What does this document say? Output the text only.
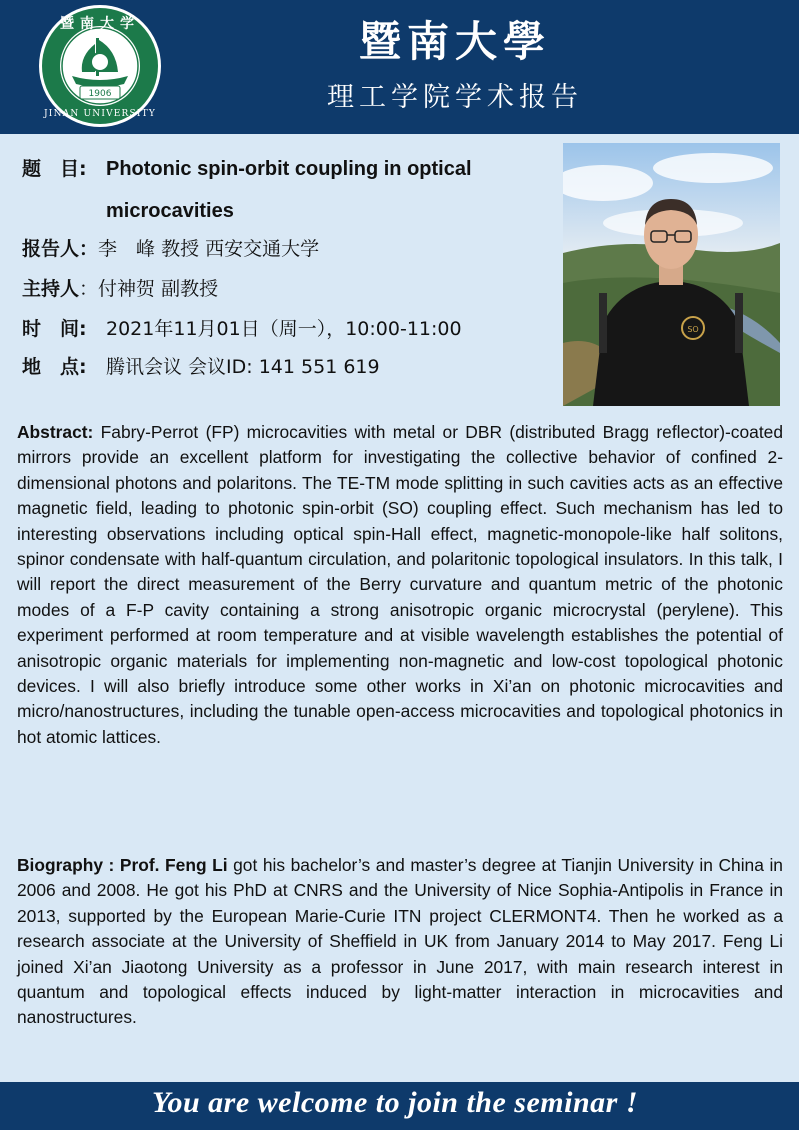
暨南大学
JINAN UNIVERSITY
1906
暨南大學
理工学院学术报告
题　目: Photonic spin-orbit coupling in optical
microcavities
报告人：李　峰 教授 西安交通大学
主持人：付神贺 副教授
时　间: 2021年11月01日（周一），10:00-11:00
地　点: 腾讯会议 会议ID: 141 551 619
SO

Abstract: Fabry-Perrot (FP) microcavities with metal or DBR (distributed Bragg reflector)-coated mirrors provide an excellent platform for investigating the collective behavior of confined 2-dimensional photons and polaritons. The TE-TM mode splitting in such cavities acts as an effective magnetic field, leading to photonic spin-orbit (SO) coupling effect. Such mechanism has led to interesting observations including optical spin-Hall effect, magnetic-monopole-like half solitons, spinor condensate with half-quantum circulation, and polaritonic topological insulators. In this talk, I will report the direct measurement of the Berry curvature and quantum metric of the photonic modes of a F-P cavity containing a strong anisotropic organic microcrystal (perylene). This experiment performed at room temperature and at visible wavelength establishes the potential of anisotropic organic materials for implementing non-magnetic and low-cost topological photonic devices. I will also briefly introduce some other works in Xi’an on photonic microcavities and micro/nanostructures, including the tunable open-access microcavities and topological photonics in hot atomic lattices.

Biography : Prof. Feng Li got his bachelor’s and master’s degree at Tianjin University in China in 2006 and 2008. He got his PhD at CNRS and the University of Nice Sophia-Antipolis in France in 2013, supported by the European Marie-Curie ITN project CLERMONT4. Then he worked as a research associate at the University of Sheffield in UK from January 2014 to May 2017. Feng Li joined Xi’an Jiaotong University as a professor in June 2017, with main research interest in quantum and topological effects induced by light-matter interaction in microcavities and nanostructures.

You are welcome to join the seminar !
